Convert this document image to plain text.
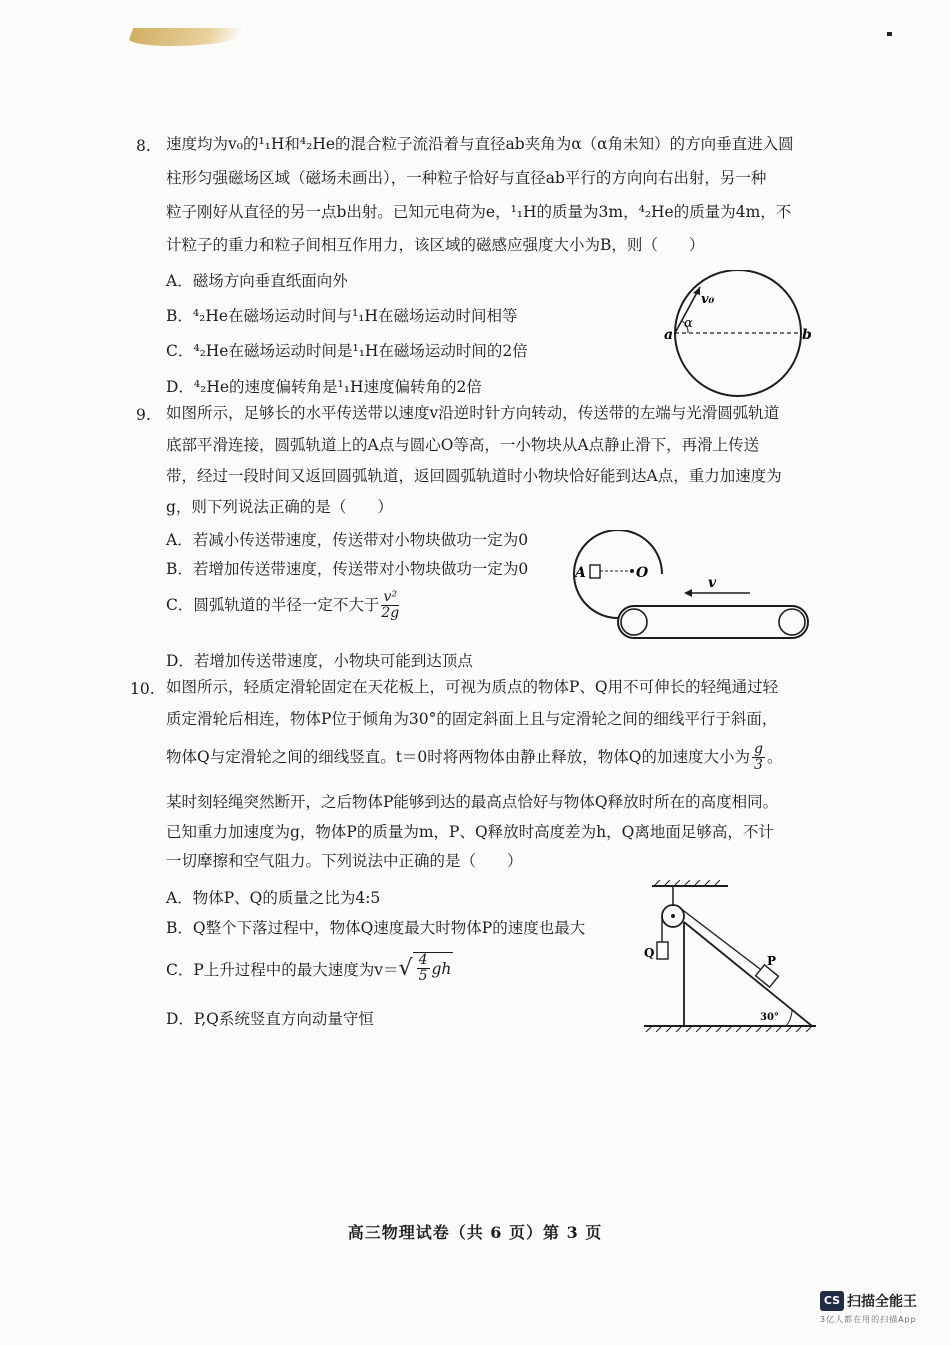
8. 速度均为v₀的¹₁H和⁴₂He的混合粒子流沿着与直径ab夹角为α（α角未知）的方向垂直进入圆
柱形匀强磁场区域（磁场未画出），一种粒子恰好与直径ab平行的方向向右出射，另一种
粒子刚好从直径的另一点b出射。已知元电荷为e，¹₁H的质量为3m，⁴₂He的质量为4m，不
计粒子的重力和粒子间相互作用力，该区域的磁感应强度大小为B，则（　　）
A．磁场方向垂直纸面向外
B．⁴₂He在磁场运动时间与¹₁H在磁场运动时间相等
C．⁴₂He在磁场运动时间是¹₁H在磁场运动时间的2倍
D．⁴₂He的速度偏转角是¹₁H速度偏转角的2倍
v₀
α
a	b
9. 如图所示，足够长的水平传送带以速度v沿逆时针方向转动，传送带的左端与光滑圆弧轨道
底部平滑连接，圆弧轨道上的A点与圆心O等高，一小物块从A点静止滑下，再滑上传送
带，经过一段时间又返回圆弧轨道，返回圆弧轨道时小物块恰好能到达A点，重力加速度为
g，则下列说法正确的是（　　）
A．若减小传送带速度，传送带对小物块做功一定为0
B．若增加传送带速度，传送带对小物块做功一定为0
C．圆弧轨道的半径一定不大于 $\frac{\text{v²}}{2g}$
D．若增加传送带速度，小物块可能到达顶点
A	O
v
10. 如图所示，轻质定滑轮固定在天花板上，可视为质点的物体P、Q用不可伸长的轻绳通过轻
质定滑轮后相连，物体P位于倾角为30°的固定斜面上且与定滑轮之间的细线平行于斜面，
物体Q与定滑轮之间的细线竖直。t＝0时将两物体由静止释放，物体Q的加速度大小为 $\frac{g}{3}$ 。
某时刻轻绳突然断开，之后物体P能够到达的最高点恰好与物体Q释放时所在的高度相同。
已知重力加速度为g，物体P的质量为m，P、Q释放时高度差为h，Q离地面足够高，不计
一切摩擦和空气阻力。下列说法中正确的是（　　）
A．物体P、Q的质量之比为4:5
B．Q整个下落过程中，物体Q速度最大时物体P的速度也最大
C．P上升过程中的最大速度为v＝ √ $\frac{4}{5}$ gh
D．P,Q系统竖直方向动量守恒
Q
P
30°
高三物理试卷（共 6 页）第 3 页
CS 扫描全能王
3亿人都在用的扫描App
